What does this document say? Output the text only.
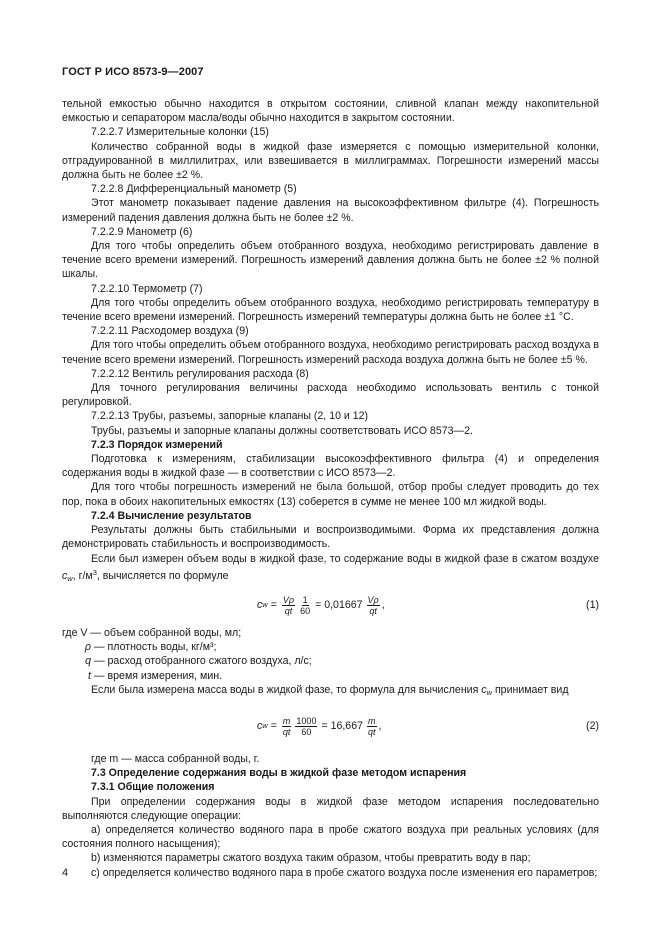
ГОСТ Р ИСО 8573-9—2007

тельной емкостью обычно находится в открытом состоянии, сливной клапан между накопительной емкостью и сепаратором масла/воды обычно находится в закрытом состоянии.

7.2.2.7 Измерительные колонки (15)

Количество собранной воды в жидкой фазе измеряется с помощью измерительной колонки, отградуированной в миллилитрах, или взвешивается в миллиграммах. Погрешности измерений массы должна быть не более ±2 %.

7.2.2.8 Дифференциальный манометр (5)

Этот манометр показывает падение давления на высокоэффективном фильтре (4). Погрешность измерений падения давления должна быть не более ±2 %.

7.2.2.9 Манометр (6)

Для того чтобы определить объем отобранного воздуха, необходимо регистрировать давление в течение всего времени измерений. Погрешность измерений давления должна быть не более ±2 % полной шкалы.

7.2.2.10 Термометр (7)

Для того чтобы определить объем отобранного воздуха, необходимо регистрировать температуру в течение всего времени измерений. Погрешность измерений температуры должна быть не более ±1 °С.

7.2.2.11 Расходомер воздуха (9)

Для того чтобы определить объем отобранного воздуха, необходимо регистрировать расход воздуха в течение всего времени измерений. Погрешность измерений расхода воздуха должна быть не более ±5 %.

7.2.2.12 Вентиль регулирования расхода (8)

Для точного регулирования величины расхода необходимо использовать вентиль с тонкой регулировкой.

7.2.2.13 Трубы, разъемы, запорные клапаны (2, 10 и 12)

Трубы, разъемы и запорные клапаны должны соответствовать ИСО 8573—2.

7.2.3 Порядок измерений

Подготовка к измерениям, стабилизации высокоэффективного фильтра (4) и определения содержания воды в жидкой фазе — в соответствии с ИСО 8573—2.

Для того чтобы погрешность измерений не была большой, отбор пробы следует проводить до тех пор, пока в обоих накопительных емкостях (13) соберется в сумме не менее 100 мл жидкой воды.

7.2.4 Вычисление результатов

Результаты должны быть стабильными и воспроизводимыми. Форма их представления должна демонстрировать стабильность и воспроизводимость.

Если был измерен объем воды в жидкой фазе, то содержание воды в жидкой фазе в сжатом воздухе $c_w$, $г/м^3$, вычисляется по формуле

c $w = \frac{V\rho}{qt} \frac{1}{60} = 0,01667 \frac{V\rho}{qt}$ ,	(1)

где V — объем собранной воды, мл;

ρ — плотность воды, кг/м³;
q — расход отобранного сжатого воздуха, л/с;
t — время измерения, мин.

Если была измерена масса воды в жидкой фазе, то формула для вычисления $c_w$ принимает вид

c $w = \frac{m}{qt} \frac{1000}{60} = 16,667 \frac{m}{qt}$ ,	(2)

где m — масса собранной воды, г.

7.3 Определение содержания воды в жидкой фазе методом испарения

7.3.1 Общие положения

При определении содержания воды в жидкой фазе методом испарения последовательно выполняются следующие операции:

a) определяется количество водяного пара в пробе сжатого воздуха при реальных условиях (для состояния полного насыщения);

b) изменяются параметры сжатого воздуха таким образом, чтобы превратить воду в пар;

c) определяется количество водяного пара в пробе сжатого воздуха после изменения его параметров;

4
